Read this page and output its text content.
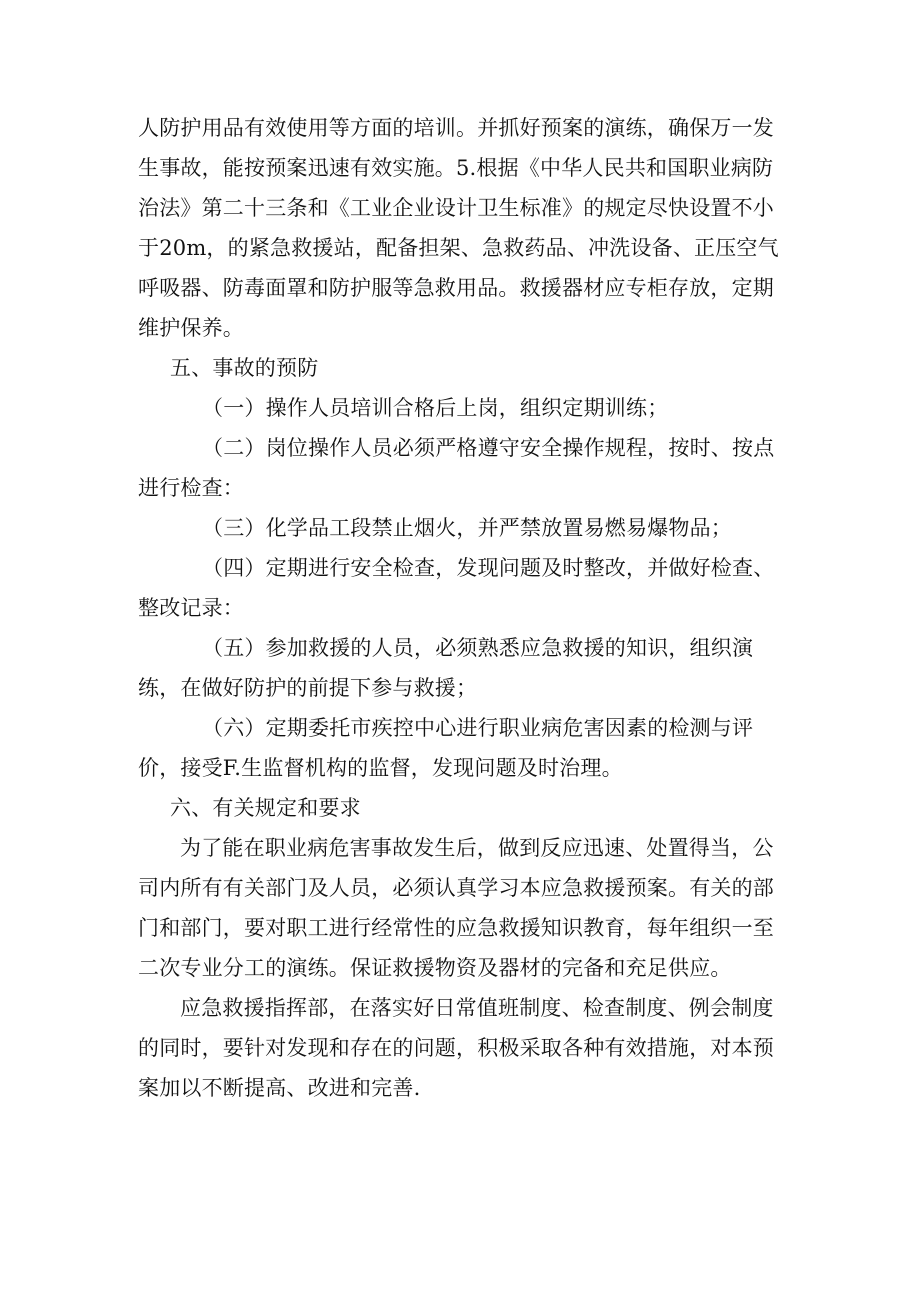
人防护用品有效使用等方面的培训。并抓好预案的演练，确保万一发生事故，能按预案迅速有效实施。5.根据《中华人民共和国职业病防治法》第二十三条和《工业企业设计卫生标准》的规定尽快设置不小于20m，的紧急救援站，配备担架、急救药品、冲洗设备、正压空气呼吸器、防毒面罩和防护服等急救用品。救援器材应专柜存放，定期维护保养。

五、事故的预防

（一）操作人员培训合格后上岗，组织定期训练；

（二）岗位操作人员必须严格遵守安全操作规程，按时、按点进行检查：

（三）化学品工段禁止烟火，并严禁放置易燃易爆物品；

（四）定期进行安全检查，发现问题及时整改，并做好检查、整改记录：

（五）参加救援的人员，必须熟悉应急救援的知识，组织演练，在做好防护的前提下参与救援；

（六）定期委托市疾控中心进行职业病危害因素的检测与评价，接受F.生监督机构的监督，发现问题及时治理。

六、有关规定和要求

为了能在职业病危害事故发生后，做到反应迅速、处置得当，公司内所有有关部门及人员，必须认真学习本应急救援预案。有关的部门和部门，要对职工进行经常性的应急救援知识教育，每年组织一至二次专业分工的演练。保证救援物资及器材的完备和充足供应。

应急救援指挥部，在落实好日常值班制度、检查制度、例会制度的同时，要针对发现和存在的问题，积极采取各种有效措施，对本预案加以不断提高、改进和完善.
